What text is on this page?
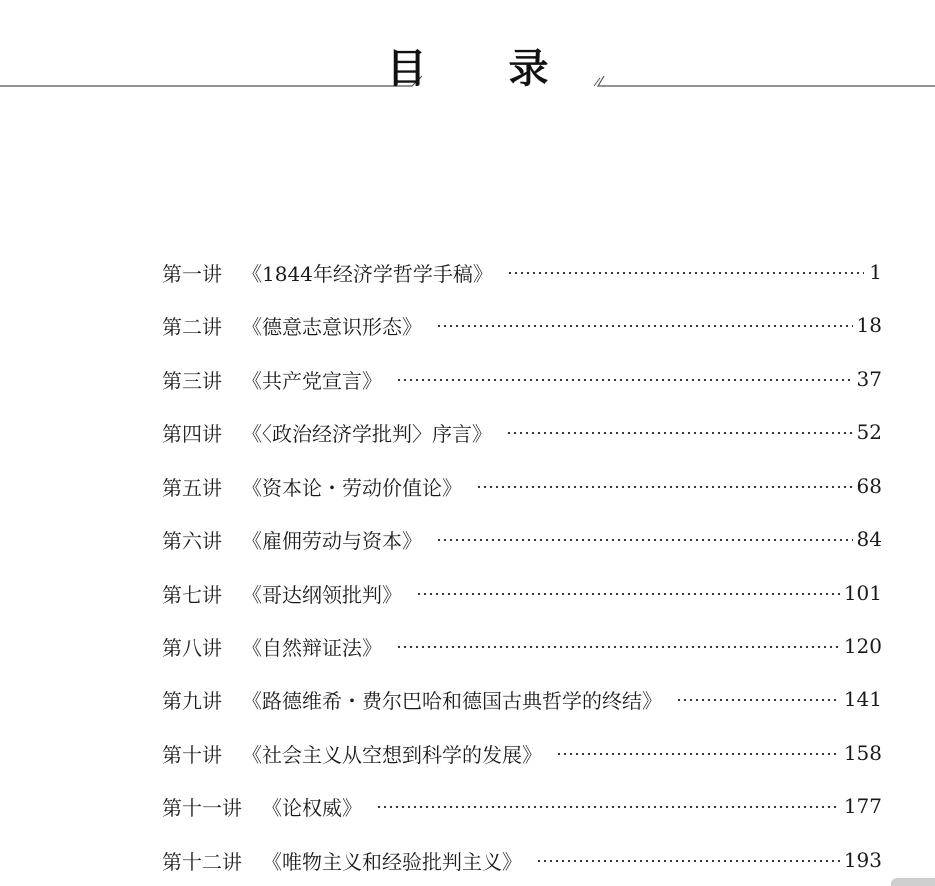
目 录
第一讲 《1844年经济学哲学手稿》	1
第二讲 《德意志意识形态》	18
第三讲 《共产党宣言》	37
第四讲 《〈政治经济学批判〉序言》	52
第五讲 《资本论・劳动价值论》	68
第六讲 《雇佣劳动与资本》	84
第七讲 《哥达纲领批判》	101
第八讲 《自然辩证法》	120
第九讲 《路德维希・费尔巴哈和德国古典哲学的终结》	141
第十讲 《社会主义从空想到科学的发展》	158
第十一讲 《论权威》	177
第十二讲 《唯物主义和经验批判主义》	193
